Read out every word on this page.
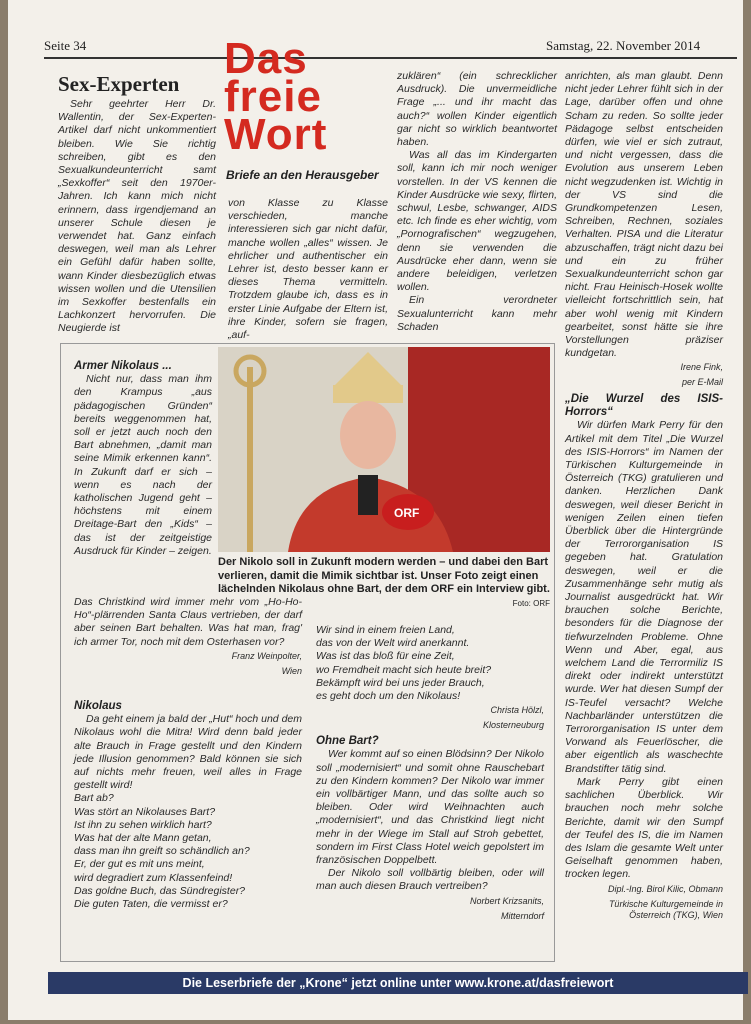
Seite 34	Samstag, 22. November 2014
Das
freie
Wort
Briefe an den Herausgeber
Sex-Experten

Sehr geehrter Herr Dr. Wallentin, der Sex-Experten-Artikel darf nicht unkommentiert bleiben. Wie Sie richtig schreiben, gibt es den Sexualkundeunterricht samt „Sexkoffer“ seit den 1970er-Jahren. Ich kann mich nicht erinnern, dass irgendjemand an unserer Schule diesen je verwendet hat. Ganz einfach deswegen, weil man als Lehrer ein Gefühl dafür haben sollte, wann Kinder diesbezüglich etwas wissen wollen und die Utensilien im Sexkoffer bestenfalls ein Lachkonzert hervorrufen. Die Neugierde ist

von Klasse zu Klasse verschieden, manche interessieren sich gar nicht dafür, manche wollen „alles“ wissen. Je ehrlicher und authentischer ein Lehrer ist, desto besser kann er dieses Thema vermitteln. Trotzdem glaube ich, dass es in erster Linie Aufgabe der Eltern ist, ihre Kinder, sofern sie fragen, „auf-

zuklären“ (ein schrecklicher Ausdruck). Die unvermeidliche Frage „... und ihr macht das auch?“ wollen Kinder eigentlich gar nicht so wirklich beantwortet haben.

Was all das im Kindergarten soll, kann ich mir noch weniger vorstellen. In der VS kennen die Kinder Ausdrücke wie sexy, flirten, schwul, Lesbe, schwanger, AIDS etc. Ich finde es eher wichtig, vom „Pornografischen“ wegzugehen, denn sie verwenden die Ausdrücke eher dann, wenn sie andere beleidigen, verletzen wollen.

Ein verordneter Sexualunterricht kann mehr Schaden

anrichten, als man glaubt. Denn nicht jeder Lehrer fühlt sich in der Lage, darüber offen und ohne Scham zu reden. So sollte jeder Pädagoge selbst entscheiden dürfen, wie viel er sich zutraut, und nicht vergessen, dass die Evolution aus unserem Leben nicht wegzudenken ist. Wichtig in der VS sind die Grundkompetenzen Lesen, Schreiben, Rechnen, soziales Verhalten. PISA und die Literatur abzuschaffen, trägt nicht dazu bei und ein zu früher Sexualkundeunterricht schon gar nicht. Frau Heinisch-Hosek wollte vielleicht fortschrittlich sein, hat aber wohl wenig mit Kindern gearbeitet, sonst hätte sie ihre Vorstellungen präziser kundgetan.

Irene Fink,
per E-Mail
„Die Wurzel des ISIS-Horrors“

Wir dürfen Mark Perry für den Artikel mit dem Titel „Die Wurzel des ISIS-Horrors“ im Namen der Türkischen Kulturgemeinde in Österreich (TKG) gratulieren und danken. Herzlichen Dank deswegen, weil dieser Bericht in wenigen Zeilen einen tiefen Überblick über die Hintergründe der Terrororganisation IS gegeben hat. Gratulation deswegen, weil er die Zusammenhänge sehr mutig als Journalist ausgedrückt hat. Wir brauchen solche Berichte, besonders für die Diagnose der tiefwurzelnden Probleme. Ohne Wenn und Aber, egal, aus welchem Land die Terrormiliz IS direkt oder indirekt unterstützt wurde. Wer hat diesen Sumpf der IS-Teufel versacht? Welche Nachbarländer unterstützen die Terrororganisation IS unter dem Vorwand als Feuerlöscher, die aber eigentlich als waschechte Brandstifter tätig sind.

Mark Perry gibt einen sachlichen Überblick. Wir brauchen noch mehr solche Berichte, damit wir den Sumpf der Teufel des IS, die im Namen des Islam die gesamte Welt unter Geiselhaft genommen haben, trocken legen.

Dipl.-Ing. Birol Kilic, Obmann
Türkische Kulturgemeinde in
Österreich (TKG), Wien
Armer Nikolaus ...

Nicht nur, dass man ihm den Krampus „aus pädagogischen Gründen“ bereits weggenommen hat, soll er jetzt auch noch den Bart abnehmen, „damit man seine Mimik erkennen kann“. In Zukunft darf er sich – wenn es nach der katholischen Jugend geht – höchstens mit einem Dreitage-Bart den „Kids“ – das ist der zeitgeistige Ausdruck für Kinder – zeigen.

Das Christkind wird immer mehr vom „Ho-Ho-Ho“-plärrenden Santa Claus vertrieben, der darf aber seinen Bart behalten. Was hat man, frag' ich armer Tor, noch mit dem Osterhasen vor?

Franz Weinpolter,
Wien
ORF
Der Nikolo soll in Zukunft modern werden – und dabei den Bart verlieren, damit die Mimik sichtbar ist. Unser Foto zeigt einen lächelnden Nikolaus ohne Bart, der dem ORF ein Interview gibt.
Foto: ORF
Nikolaus

Da geht einem ja bald der „Hut“ hoch und dem Nikolaus wohl die Mitra! Wird denn bald jeder alte Brauch in Frage gestellt und den Kindern jede Illusion genommen? Bald können sie sich auf nichts mehr freuen, weil alles in Frage gestellt wird!

Bart ab?
Was stört an Nikolauses Bart?
Ist ihn zu sehen wirklich hart?
Was hat der alte Mann getan,
dass man ihn greift so schändlich an?
Er, der gut es mit uns meint,
wird degradiert zum Klassenfeind!
Das goldne Buch, das Sündregister?
Die guten Taten, die vermisst er?
Wir sind in einem freien Land,
das von der Welt wird anerkannt.
Was ist das bloß für eine Zeit,
wo Fremdheit macht sich heute breit?
Bekämpft wird bei uns jeder Brauch,
es geht doch um den Nikolaus!
Christa Hölzl,
Klosterneuburg
Ohne Bart?

Wer kommt auf so einen Blödsinn? Der Nikolo soll „modernisiert“ und somit ohne Rauschebart zu den Kindern kommen? Der Nikolo war immer ein vollbärtiger Mann, und das sollte auch so bleiben. Oder wird Weihnachten auch „modernisiert“, und das Christkind liegt nicht mehr in der Wiege im Stall auf Stroh gebettet, sondern im First Class Hotel weich gepolstert im französischen Doppelbett.

Der Nikolo soll vollbärtig bleiben, oder will man auch diesen Brauch vertreiben?

Norbert Krizsanits,
Mitterndorf
Die Leserbriefe der „Krone“ jetzt online unter www.krone.at/dasfreiewort
